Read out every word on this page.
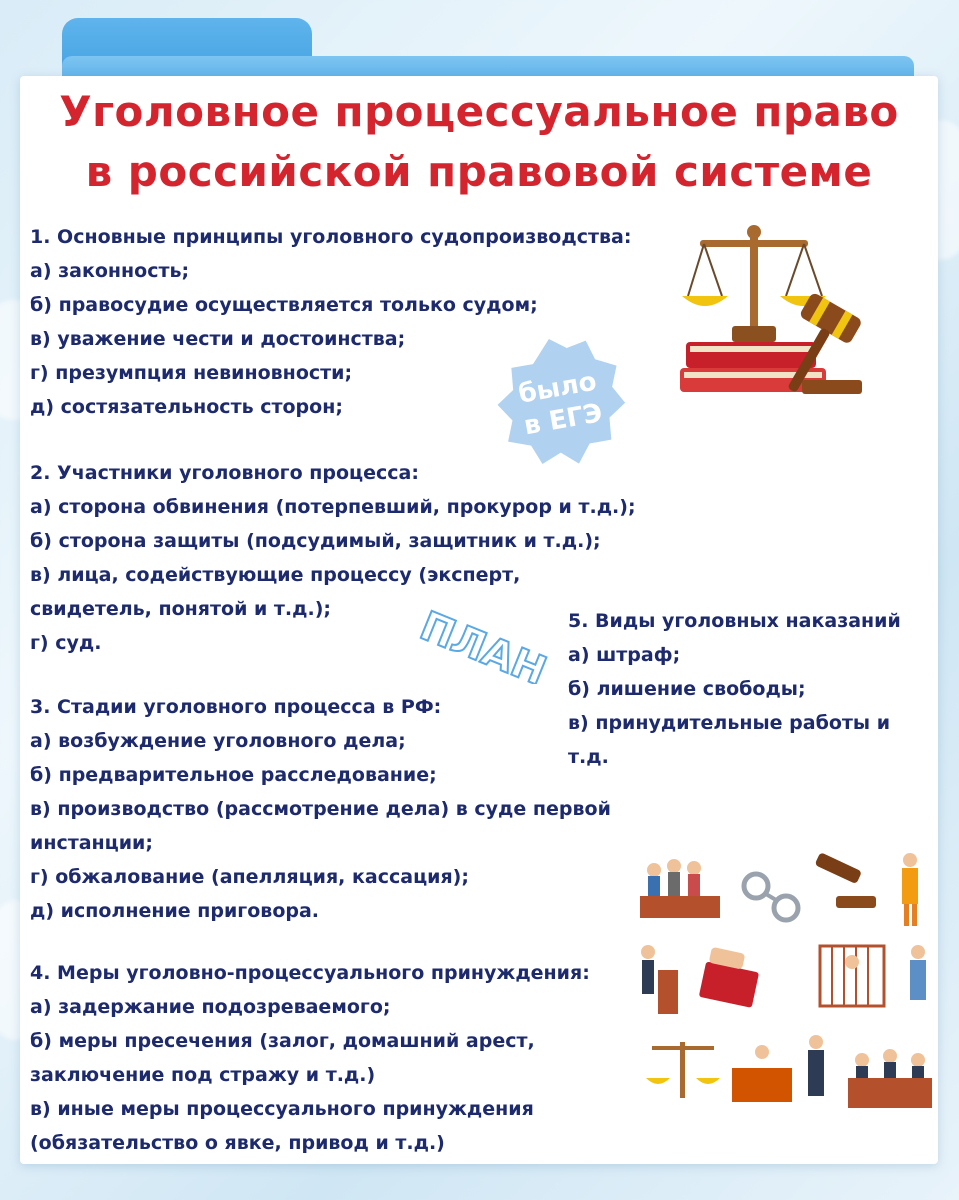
Уголовное процессуальное право
в российской правовой системе
1. Основные принципы уголовного судопроизводства:
а) законность;
б) правосудие осуществляется только судом;
в) уважение чести и достоинства;
г) презумпция невиновности;
д) состязательность сторон;
2. Участники уголовного процесса:
а) сторона обвинения (потерпевший, прокурор и т.д.);
б) сторона защиты (подсудимый, защитник и т.д.);
в) лица, содействующие процессу (эксперт,
свидетель, понятой и т.д.);
г) суд.
3. Стадии уголовного процесса в РФ:
а) возбуждение уголовного дела;
б) предварительное расследование;
в) производство (рассмотрение дела) в суде первой
инстанции;
г) обжалование (апелляция, кассация);
д) исполнение приговора.
4. Меры уголовно-процессуального принуждения:
а) задержание подозреваемого;
б) меры пресечения (залог, домашний арест,
заключение под стражу и т.д.)
в) иные меры процессуального принуждения
(обязательство о явке, привод и т.д.)
5. Виды уголовных наказаний
а) штраф;
б) лишение свободы;
в) принудительные работы и
т.д.
было
в ЕГЭ
ПЛАН
